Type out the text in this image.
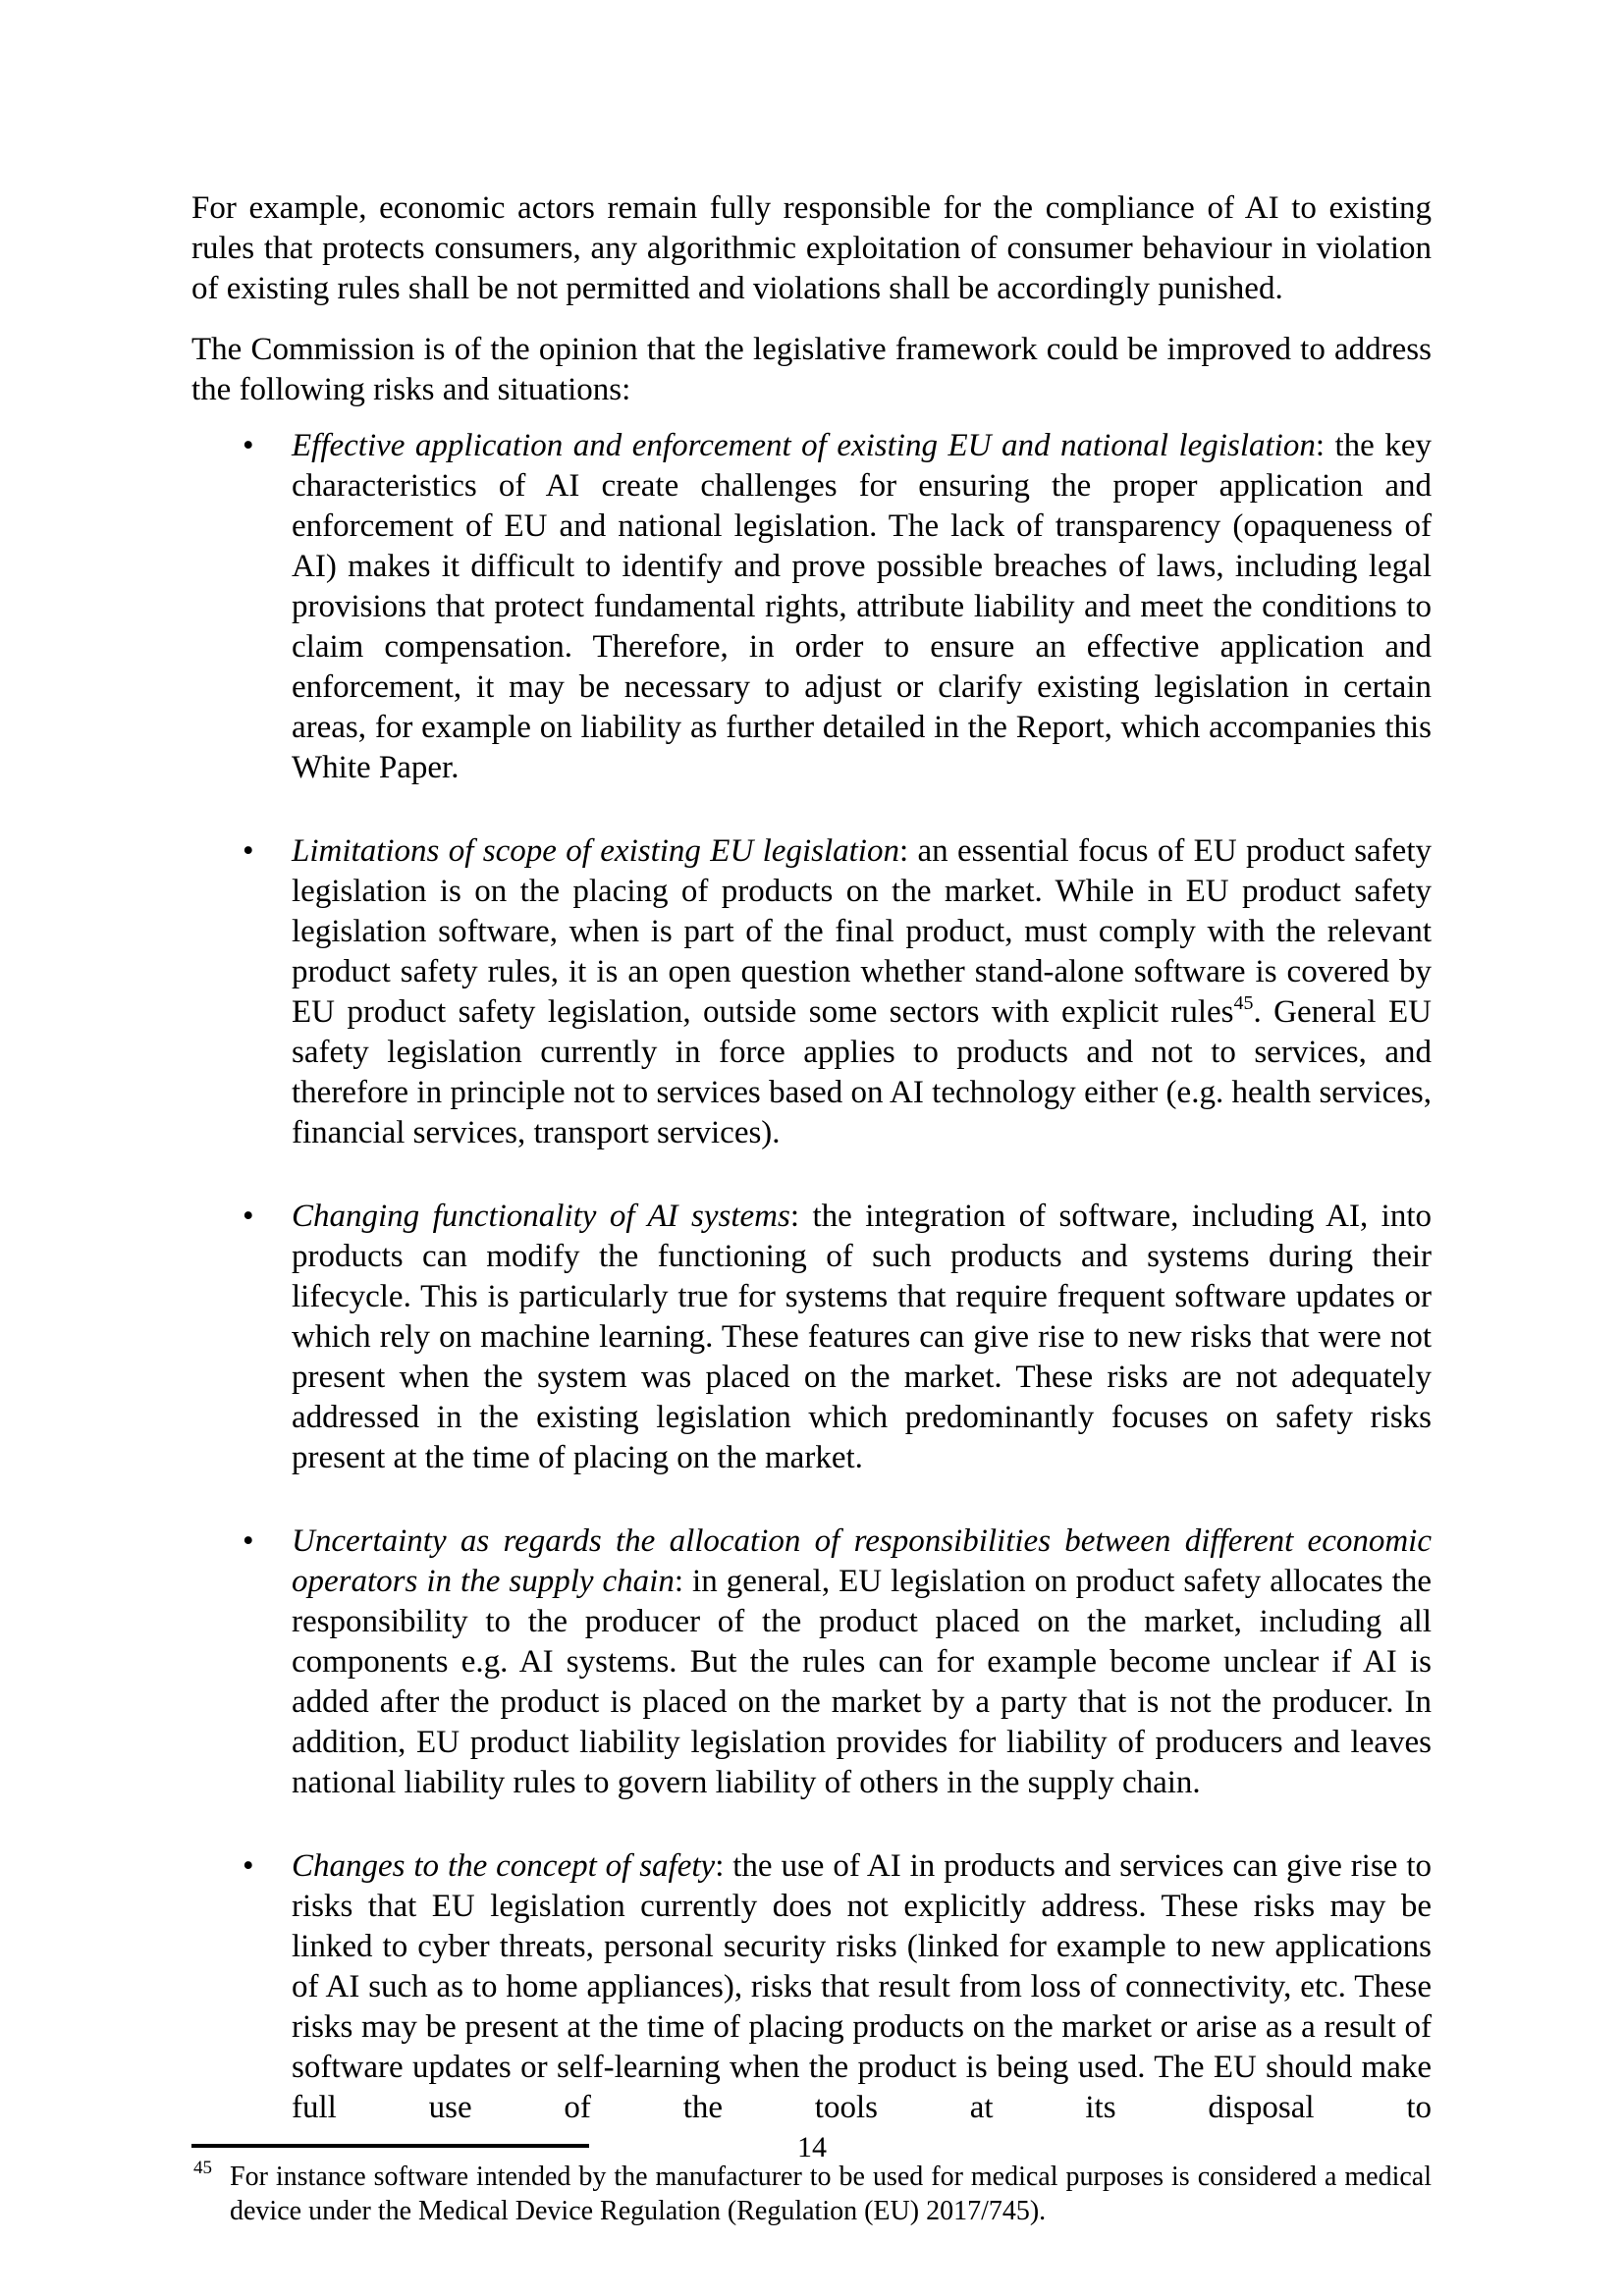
For example, economic actors remain fully responsible for the compliance of AI to existing rules that protects consumers, any algorithmic exploitation of consumer behaviour in violation of existing rules shall be not permitted and violations shall be accordingly punished.

The Commission is of the opinion that the legislative framework could be improved to address the following risks and situations:

• Effective application and enforcement of existing EU and national legislation: the key characteristics of AI create challenges for ensuring the proper application and enforcement of EU and national legislation. The lack of transparency (opaqueness of AI) makes it difficult to identify and prove possible breaches of laws, including legal provisions that protect fundamental rights, attribute liability and meet the conditions to claim compensation. Therefore, in order to ensure an effective application and enforcement, it may be necessary to adjust or clarify existing legislation in certain areas, for example on liability as further detailed in the Report, which accompanies this White Paper.

• Limitations of scope of existing EU legislation: an essential focus of EU product safety legislation is on the placing of products on the market. While in EU product safety legislation software, when is part of the final product, must comply with the relevant product safety rules, it is an open question whether stand-alone software is covered by EU product safety legislation, outside some sectors with explicit rules$^{45}$. General EU safety legislation currently in force applies to products and not to services, and therefore in principle not to services based on AI technology either (e.g. health services, financial services, transport services).

• Changing functionality of AI systems: the integration of software, including AI, into products can modify the functioning of such products and systems during their lifecycle. This is particularly true for systems that require frequent software updates or which rely on machine learning. These features can give rise to new risks that were not present when the system was placed on the market. These risks are not adequately addressed in the existing legislation which predominantly focuses on safety risks present at the time of placing on the market.

• Uncertainty as regards the allocation of responsibilities between different economic operators in the supply chain: in general, EU legislation on product safety allocates the responsibility to the producer of the product placed on the market, including all components e.g. AI systems. But the rules can for example become unclear if AI is added after the product is placed on the market by a party that is not the producer. In addition, EU product liability legislation provides for liability of producers and leaves national liability rules to govern liability of others in the supply chain.

• Changes to the concept of safety: the use of AI in products and services can give rise to risks that EU legislation currently does not explicitly address. These risks may be linked to cyber threats, personal security risks (linked for example to new applications of AI such as to home appliances), risks that result from loss of connectivity, etc. These risks may be present at the time of placing products on the market or arise as a result of software updates or self-learning when the product is being used. The EU should make full use of the tools at its disposal to

45 For instance software intended by the manufacturer to be used for medical purposes is considered a medical device under the Medical Device Regulation (Regulation (EU) 2017/745).

14
